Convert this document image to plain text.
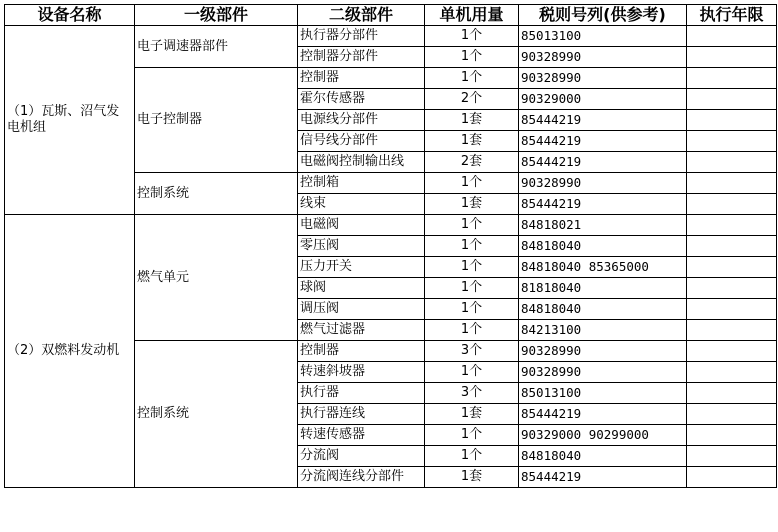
设备名称	一级部件	二级部件	单机用量	税则号列(供参考)	执行年限
（1）瓦斯、沼气发电机组	电子调速器部件	执行器分部件	1个	85013100	
		控制器分部件	1个	90328990	
	电子控制器	控制器	1个	90328990	
		霍尔传感器	2个	90329000	
		电源线分部件	1套	85444219	
		信号线分部件	1套	85444219	
		电磁阀控制输出线	2套	85444219	
	控制系统	控制箱	1个	90328990	
		线束	1套	85444219	
（2）双燃料发动机	燃气单元	电磁阀	1个	84818021	
		零压阀	1个	84818040	
		压力开关	1个	84818040 85365000	
		球阀	1个	81818040	
		调压阀	1个	84818040	
		燃气过滤器	1个	84213100	
	控制系统	控制器	3个	90328990	
		转速斜坡器	1个	90328990	
		执行器	3个	85013100	
		执行器连线	1套	85444219	
		转速传感器	1个	90329000 90299000	
		分流阀	1个	84818040	
		分流阀连线分部件	1套	85444219	
